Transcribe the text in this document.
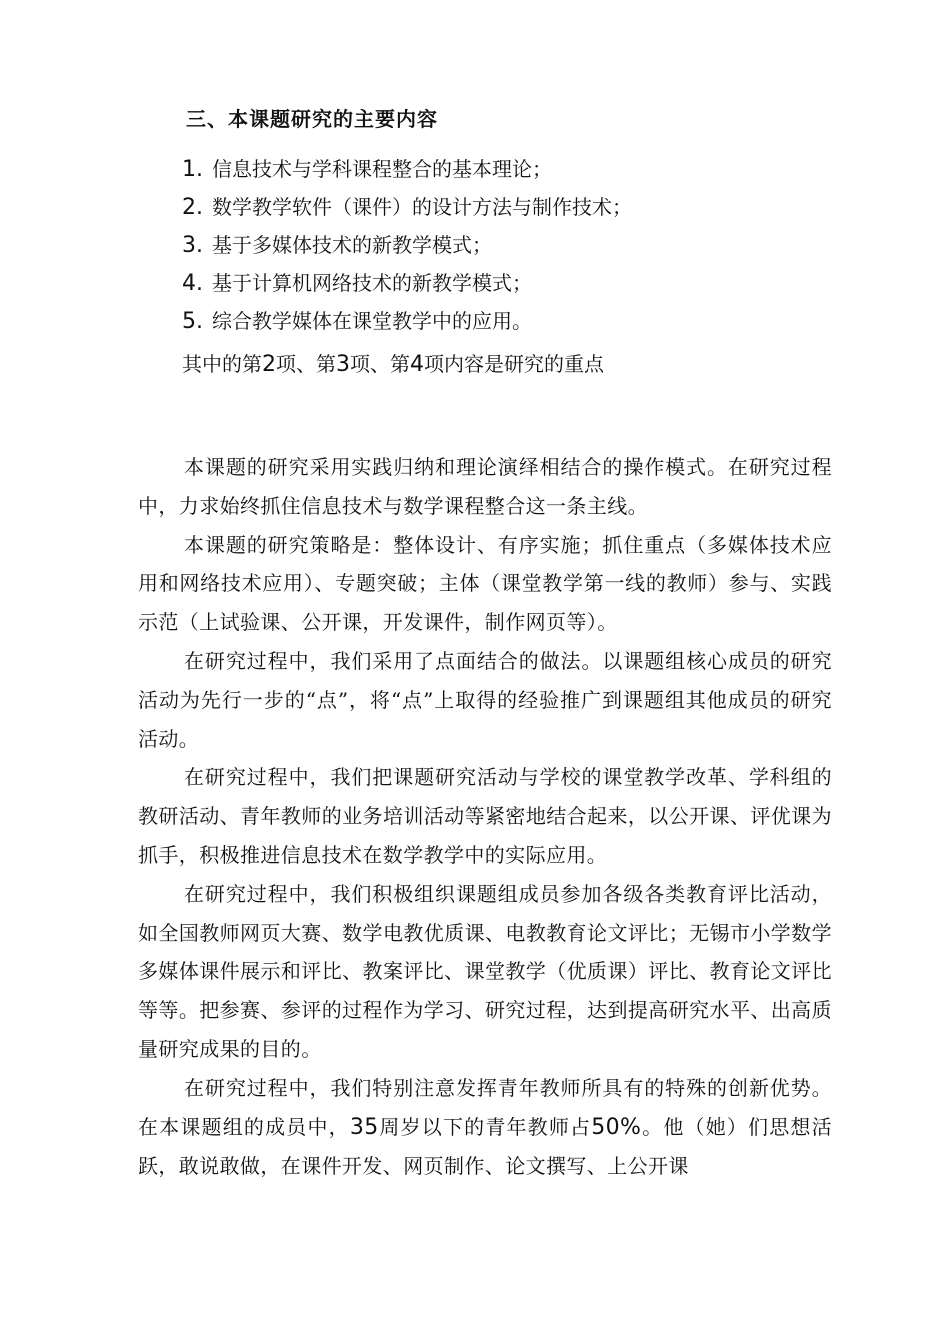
三、本课题研究的主要内容
1. 信息技术与学科课程整合的基本理论；
2. 数学教学软件（课件）的设计方法与制作技术；
3. 基于多媒体技术的新教学模式；
4. 基于计算机网络技术的新教学模式；
5. 综合教学媒体在课堂教学中的应用。
其中的第2项、第3项、第4项内容是研究的重点

本课题的研究采用实践归纳和理论演绎相结合的操作模式。在研究过程中，力求始终抓住信息技术与数学课程整合这一条主线。

本课题的研究策略是：整体设计、有序实施；抓住重点（多媒体技术应用和网络技术应用）、专题突破；主体（课堂教学第一线的教师）参与、实践示范（上试验课、公开课，开发课件，制作网页等）。

在研究过程中，我们采用了点面结合的做法。以课题组核心成员的研究活动为先行一步的“点”，将“点”上取得的经验推广到课题组其他成员的研究活动。

在研究过程中，我们把课题研究活动与学校的课堂教学改革、学科组的教研活动、青年教师的业务培训活动等紧密地结合起来，以公开课、评优课为抓手，积极推进信息技术在数学教学中的实际应用。

在研究过程中，我们积极组织课题组成员参加各级各类教育评比活动，如全国教师网页大赛、数学电教优质课、电教教育论文评比；无锡市小学数学多媒体课件展示和评比、教案评比、课堂教学（优质课）评比、教育论文评比等等。把参赛、参评的过程作为学习、研究过程，达到提高研究水平、出高质量研究成果的目的。

在研究过程中，我们特别注意发挥青年教师所具有的特殊的创新优势。在本课题组的成员中，35周岁以下的青年教师占50%。他（她）们思想活跃，敢说敢做，在课件开发、网页制作、论文撰写、上公开课
